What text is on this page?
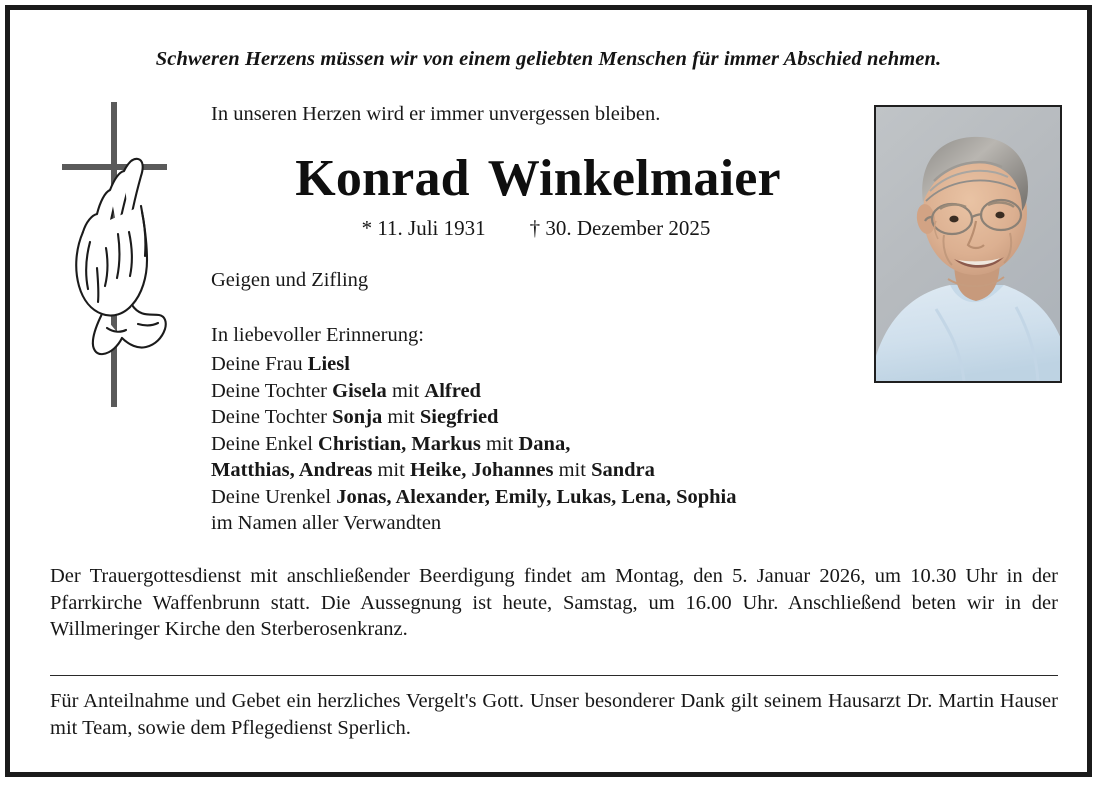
Schweren Herzens müssen wir von einem geliebten Menschen für immer Abschied nehmen.
In unseren Herzen wird er immer unvergessen bleiben.
Konrad Winkelmaier
* 11. Juli 1931 † 30. Dezember 2025
Geigen und Zifling
In liebevoller Erinnerung:
Deine Frau Liesl
Deine Tochter Gisela mit Alfred
Deine Tochter Sonja mit Siegfried
Deine Enkel Christian, Markus mit Dana,
Matthias, Andreas mit Heike, Johannes mit Sandra
Deine Urenkel Jonas, Alexander, Emily, Lukas, Lena, Sophia
im Namen aller Verwandten
Der Trauergottesdienst mit anschließender Beerdigung findet am Montag, den 5. Januar 2026, um 10.30 Uhr in der Pfarrkirche Waffenbrunn statt. Die Aussegnung ist heute, Samstag, um 16.00 Uhr. Anschließend beten wir in der Willmeringer Kirche den Sterberosenkranz.
Für Anteilnahme und Gebet ein herzliches Vergelt's Gott. Unser besonderer Dank gilt seinem Hausarzt Dr. Martin Hauser mit Team, sowie dem Pflegedienst Sperlich.
